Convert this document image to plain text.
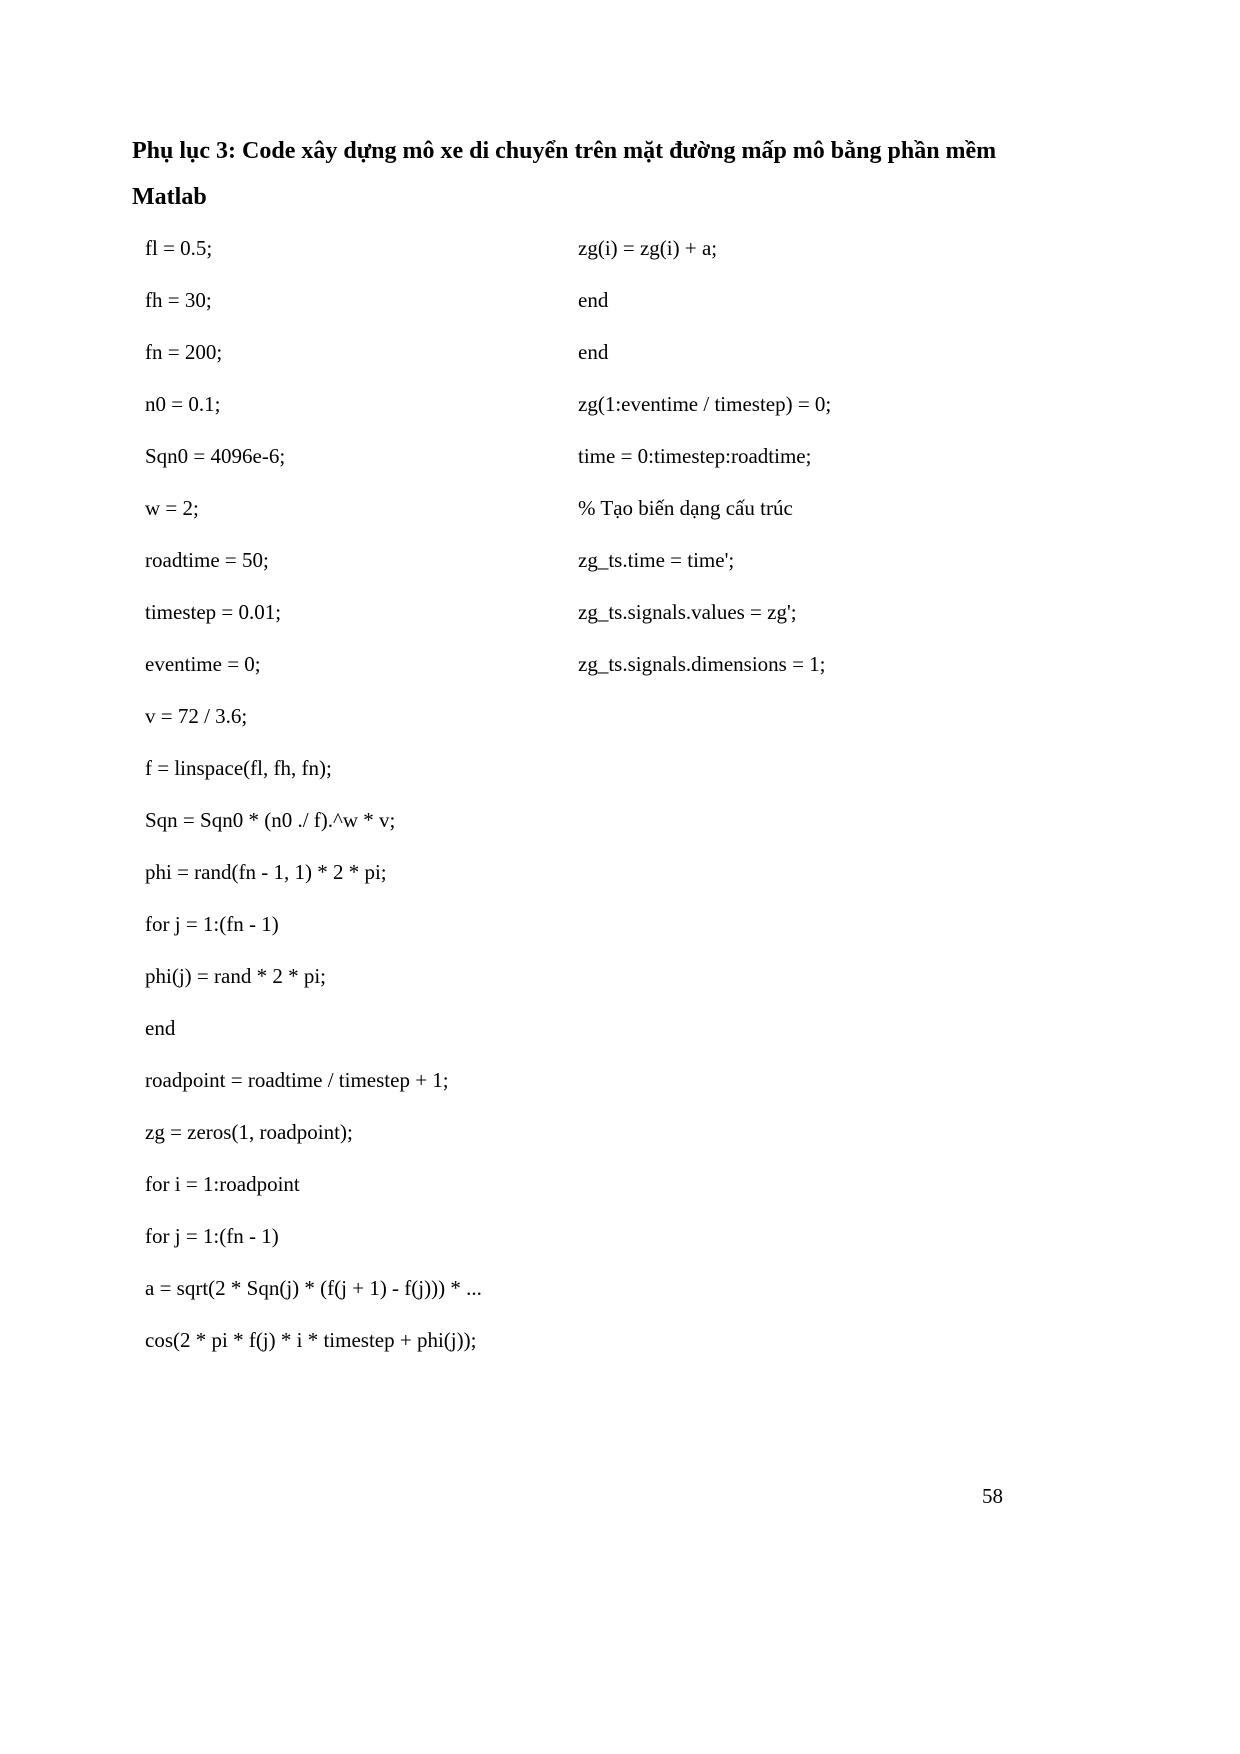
Phụ lục 3: Code xây dựng mô xe di chuyển trên mặt đường mấp mô bằng phần mềm Matlab
fl = 0.5;
fh = 30;
fn = 200;
n0 = 0.1;
Sqn0 = 4096e-6;
w = 2;
roadtime = 50;
timestep = 0.01;
eventime = 0;
v = 72 / 3.6;
f = linspace(fl, fh, fn);
Sqn = Sqn0 * (n0 ./ f).^w * v;
phi = rand(fn - 1, 1) * 2 * pi;
for j = 1:(fn - 1)
phi(j) = rand * 2 * pi;
end
roadpoint = roadtime / timestep + 1;
zg = zeros(1, roadpoint);
for i = 1:roadpoint
for j = 1:(fn - 1)
a = sqrt(2 * Sqn(j) * (f(j + 1) - f(j))) * ...
cos(2 * pi * f(j) * i * timestep + phi(j));
zg(i) = zg(i) + a;
end
end
zg(1:eventime / timestep) = 0;
time = 0:timestep:roadtime;
% Tạo biến dạng cấu trúc
zg_ts.time = time';
zg_ts.signals.values = zg';
zg_ts.signals.dimensions = 1;
58
